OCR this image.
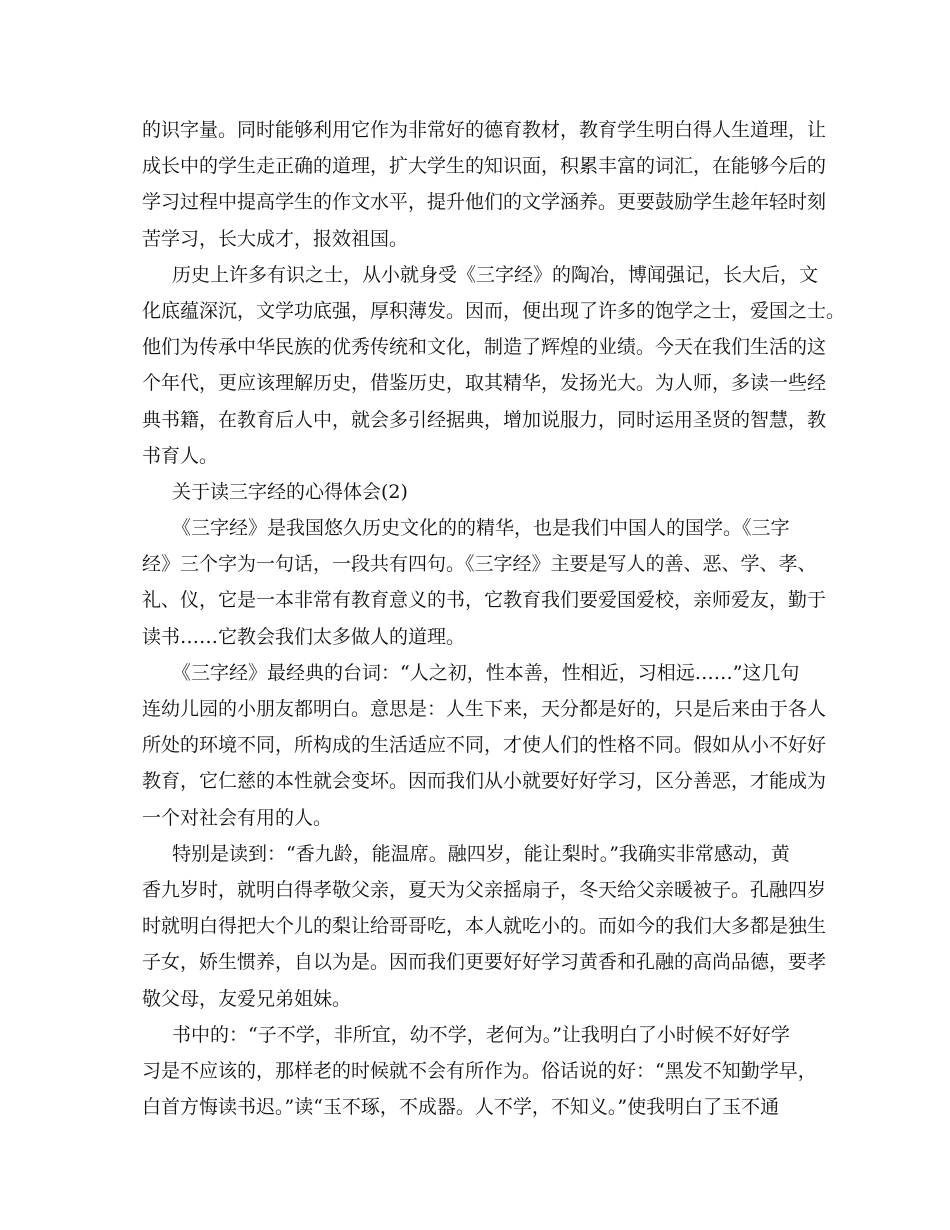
的识字量。同时能够利用它作为非常好的德育教材，教育学生明白得人生道理，让
成长中的学生走正确的道理，扩大学生的知识面，积累丰富的词汇，在能够今后的
学习过程中提高学生的作文水平，提升他们的文学涵养。更要鼓励学生趁年轻时刻
苦学习，长大成才，报效祖国。
历史上许多有识之士，从小就身受《三字经》的陶冶，博闻强记，长大后，文
化底蕴深沉，文学功底强，厚积薄发。因而，便出现了许多的饱学之士，爱国之士。
他们为传承中华民族的优秀传统和文化，制造了辉煌的业绩。今天在我们生活的这
个年代，更应该理解历史，借鉴历史，取其精华，发扬光大。为人师，多读一些经
典书籍，在教育后人中，就会多引经据典，增加说服力，同时运用圣贤的智慧，教
书育人。
关于读三字经的心得体会(2)
《三字经》是我国悠久历史文化的的精华，也是我们中国人的国学。《三字
经》三个字为一句话，一段共有四句。《三字经》主要是写人的善、恶、学、孝、
礼、仪，它是一本非常有教育意义的书，它教育我们要爱国爱校，亲师爱友，勤于
读书……它教会我们太多做人的道理。
《三字经》最经典的台词：“人之初，性本善，性相近，习相远……”这几句
连幼儿园的小朋友都明白。意思是：人生下来，天分都是好的，只是后来由于各人
所处的环境不同，所构成的生活适应不同，才使人们的性格不同。假如从小不好好
教育，它仁慈的本性就会变坏。因而我们从小就要好好学习，区分善恶，才能成为
一个对社会有用的人。
特别是读到：“香九龄，能温席。融四岁，能让梨时。”我确实非常感动，黄
香九岁时，就明白得孝敬父亲，夏天为父亲摇扇子，冬天给父亲暖被子。孔融四岁
时就明白得把大个儿的梨让给哥哥吃，本人就吃小的。而如今的我们大多都是独生
子女，娇生惯养，自以为是。因而我们更要好好学习黄香和孔融的高尚品德，要孝
敬父母，友爱兄弟姐妹。
书中的：“子不学，非所宜，幼不学，老何为。”让我明白了小时候不好好学
习是不应该的，那样老的时候就不会有所作为。俗话说的好：“黑发不知勤学早，
白首方悔读书迟。”读“玉不琢，不成器。人不学，不知义。”使我明白了玉不通
